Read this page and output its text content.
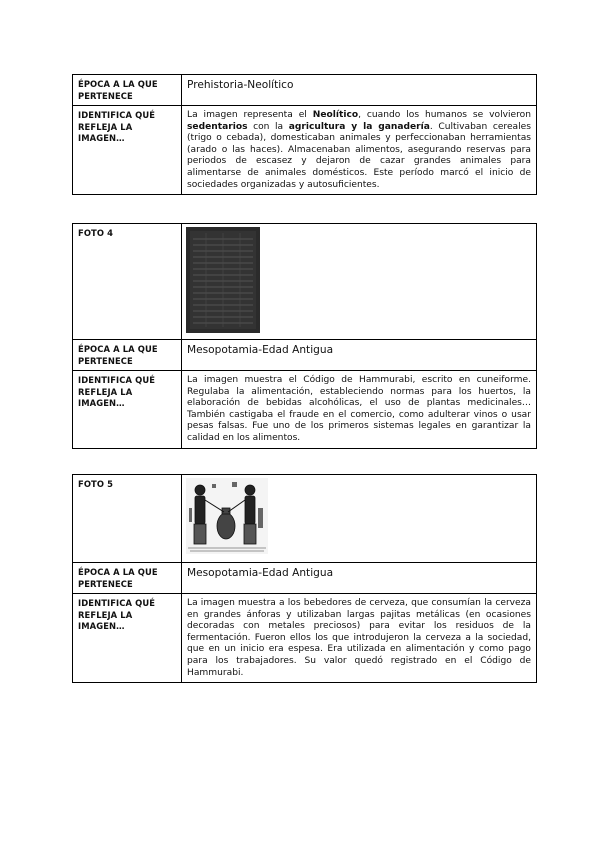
ÉPOCA A LA QUE PERTENECE	Prehistoria-Neolítico
IDENTIFICA QUÉ REFLEJA LA IMAGEN…	La imagen representa el Neolítico, cuando los humanos se volvieron sedentarios con la agricultura y la ganadería. Cultivaban cereales (trigo o cebada), domesticaban animales y perfeccionaban herramientas (arado o las haces). Almacenaban alimentos, asegurando reservas para periodos de escasez y dejaron de cazar grandes animales para alimentarse de animales domésticos. Este período marcó el inicio de sociedades organizadas y autosuficientes.
FOTO 4	

ÉPOCA A LA QUE PERTENECE	Mesopotamia-Edad Antigua
IDENTIFICA QUÉ REFLEJA LA IMAGEN…	La imagen muestra el Código de Hammurabi, escrito en cuneiforme. Regulaba la alimentación, estableciendo normas para los huertos, la elaboración de bebidas alcohólicas, el uso de plantas medicinales… También castigaba el fraude en el comercio, como adulterar vinos o usar pesas falsas. Fue uno de los primeros sistemas legales en garantizar la calidad en los alimentos.
FOTO 5	

ÉPOCA A LA QUE PERTENECE	Mesopotamia-Edad Antigua
IDENTIFICA QUÉ REFLEJA LA IMAGEN…	La imagen muestra a los bebedores de cerveza, que consumían la cerveza en grandes ánforas y utilizaban largas pajitas metálicas (en ocasiones decoradas con metales preciosos) para evitar los residuos de la fermentación. Fueron ellos los que introdujeron la cerveza a la sociedad, que en un inicio era espesa. Era utilizada en alimentación y como pago para los trabajadores. Su valor quedó registrado en el Código de Hammurabi.
